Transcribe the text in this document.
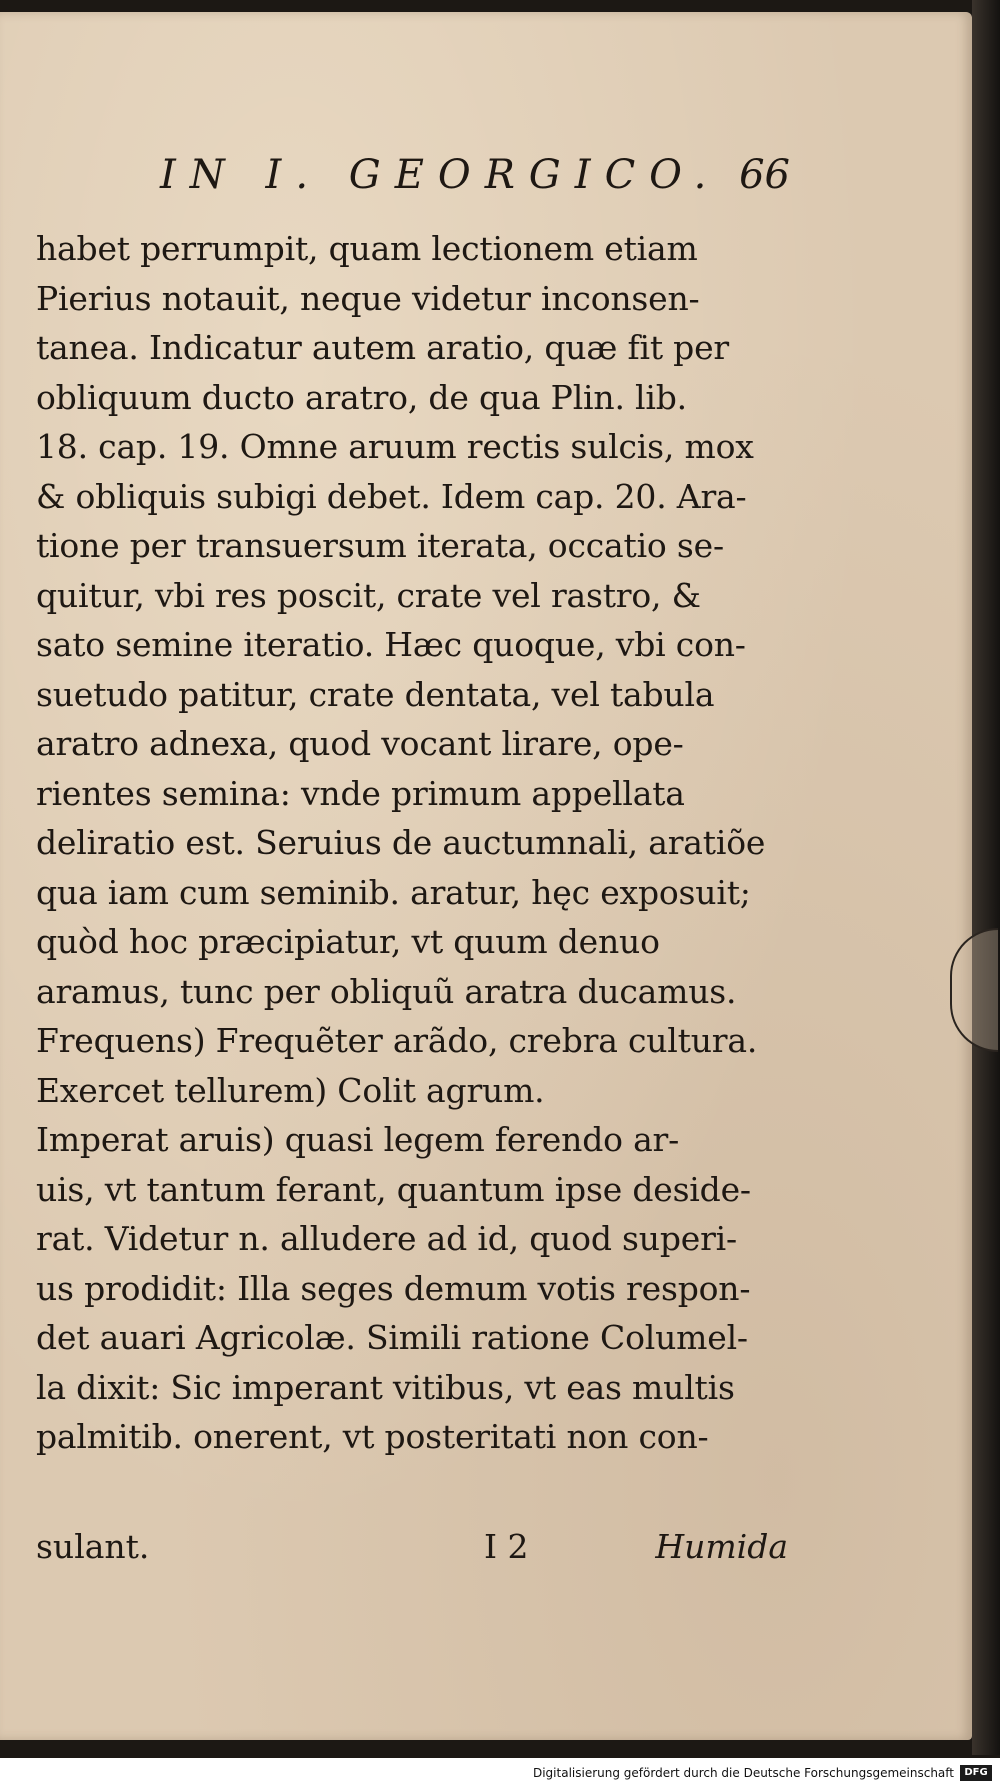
IN I. GEORGICO. 66
habet perrumpit, quam lectionem etiam
Pierius notauit, neque videtur inconsen-
tanea. Indicatur autem aratio, quæ fit per
obliquum ducto aratro, de qua Plin. lib.
18. cap. 19. Omne aruum rectis sulcis, mox
& obliquis subigi debet. Idem cap. 20. Ara-
tione per transuersum iterata, occatio se-
quitur, vbi res poscit, crate vel rastro, &
sato semine iteratio. Hæc quoque, vbi con-
suetudo patitur, crate dentata, vel tabula
aratro adnexa, quod vocant lirare, ope-
rientes semina: vnde primum appellata
deliratio est. Seruius de auctumnali, aratiõe
qua iam cum seminib. aratur, hęc exposuit;
quòd hoc præcipiatur, vt quum denuo
aramus, tunc per obliquũ aratra ducamus.
Frequens) Frequẽter arãdo, crebra cultura.
Exercet tellurem) Colit agrum.
Imperat aruis) quasi legem ferendo ar-
uis, vt tantum ferant, quantum ipse deside-
rat. Videtur n. alludere ad id, quod superi-
us prodidit: Illa seges demum votis respon-
det auari Agricolæ. Simili ratione Columel-
la dixit: Sic imperant vitibus, vt eas multis
palmitib. onerent, vt posteritati non con-
sulant.	I 2	Humida
Digitalisierung gefördert durch die Deutsche Forschungsgemeinschaft	DFG
